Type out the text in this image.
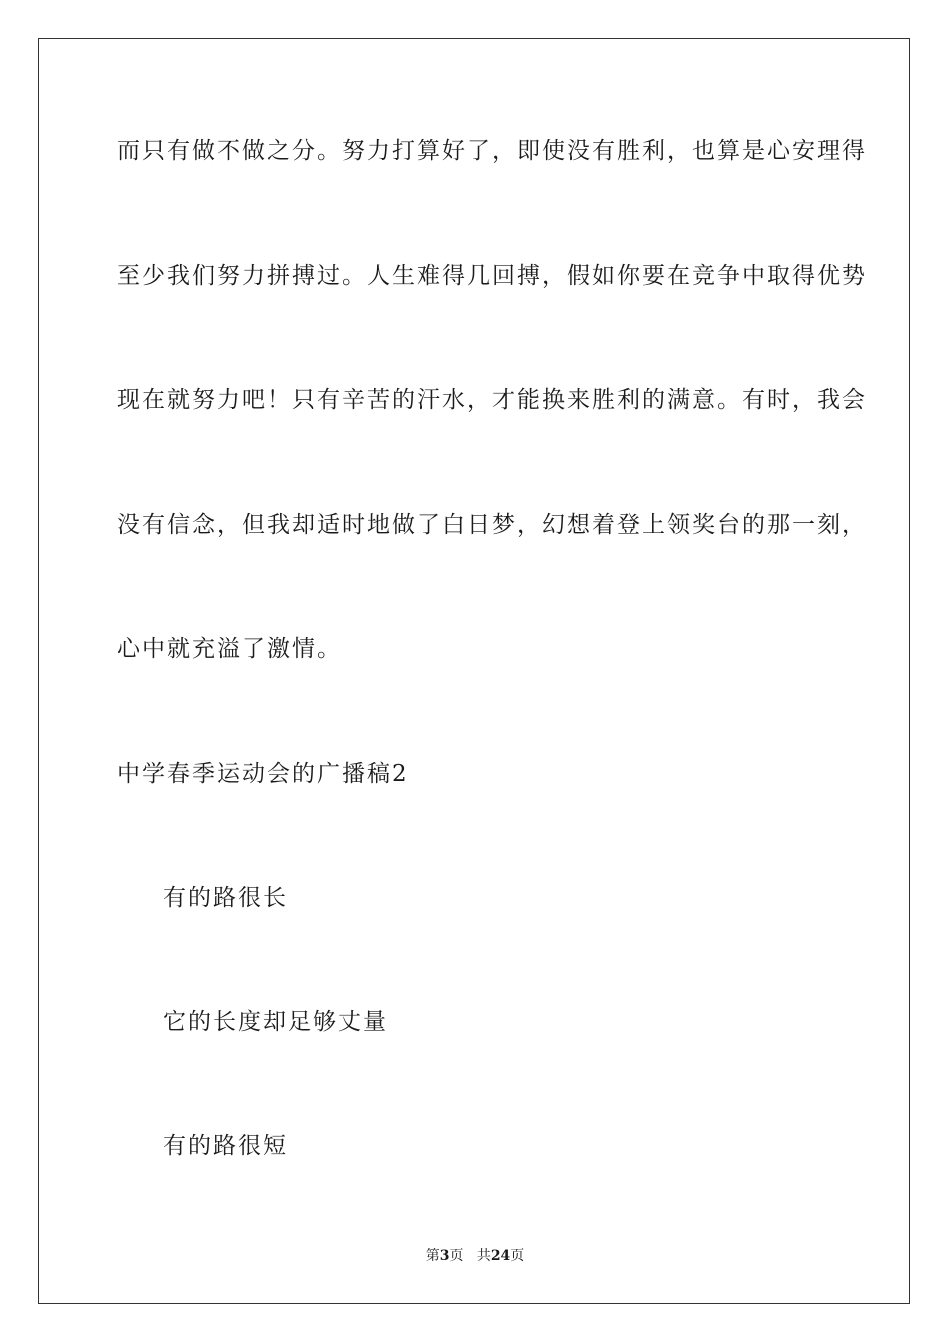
而只有做不做之分。努力打算好了，即使没有胜利，也算是心安理得
至少我们努力拼搏过。人生难得几回搏，假如你要在竞争中取得优势
现在就努力吧！只有辛苦的汗水，才能换来胜利的满意。有时，我会
没有信念，但我却适时地做了白日梦，幻想着登上领奖台的那一刻，
心中就充溢了激情。
中学春季运动会的广播稿2
有的路很长
它的长度却足够丈量
有的路很短
第3页 共24页
